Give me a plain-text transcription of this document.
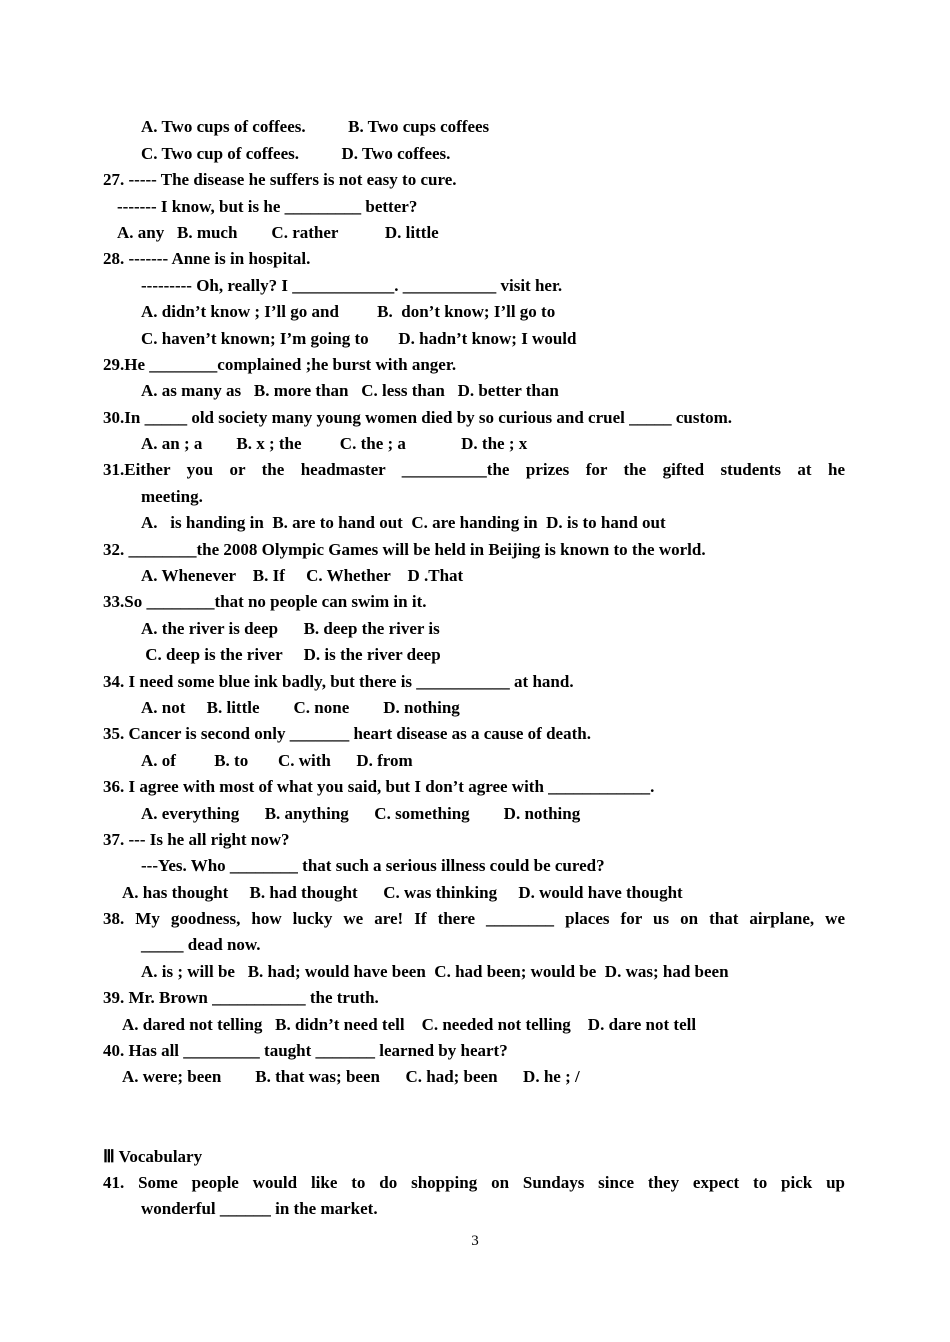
A. Two cups of coffees.          B. Two cups coffees
C. Two cup of coffees.          D. Two coffees.
27. ----- The disease he suffers is not easy to cure.
------- I know, but is he _________ better?
A. any   B. much        C. rather           D. little
28. ------- Anne is in hospital.
--------- Oh, really? I ____________. ___________ visit her.
A. didn’t know ; I’ll go and         B.  don’t know; I’ll go to
C. haven’t known; I’m going to       D. hadn’t know; I would
29.He ________complained ;he burst with anger.
A. as many as   B. more than   C. less than   D. better than
30.In _____ old society many young women died by so curious and cruel _____ custom.
A. an ; a        B. x ; the         C. the ; a             D. the ; x
31.Either you or the headmaster __________the prizes for the gifted students at he
meeting.
A.   is handing in  B. are to hand out  C. are handing in  D. is to hand out
32. ________the 2008 Olympic Games will be held in Beijing is known to the world.
A. Whenever    B. If     C. Whether    D .That
33.So ________that no people can swim in it.
A. the river is deep      B. deep the river is
C. deep is the river     D. is the river deep
34. I need some blue ink badly, but there is ___________ at hand.
A. not     B. little        C. none        D. nothing
35. Cancer is second only _______ heart disease as a cause of death.
A. of         B. to       C. with      D. from
36. I agree with most of what you said, but I don’t agree with ____________.
A. everything      B. anything      C. something        D. nothing
37. --- Is he all right now?
---Yes. Who ________ that such a serious illness could be cured?
A. has thought     B. had thought      C. was thinking     D. would have thought
38. My goodness, how lucky we are! If there ________ places for us on that airplane, we
_____ dead now.
A. is ; will be   B. had; would have been  C. had been; would be  D. was; had been
39. Mr. Brown ___________ the truth.
A. dared not telling   B. didn’t need tell    C. needed not telling    D. dare not tell
40. Has all _________ taught _______ learned by heart?
A. were; been        B. that was; been      C. had; been      D. he ; /
Ⅲ Vocabulary
41. Some people would like to do shopping on Sundays since they expect to pick up
wonderful ______ in the market.
3
